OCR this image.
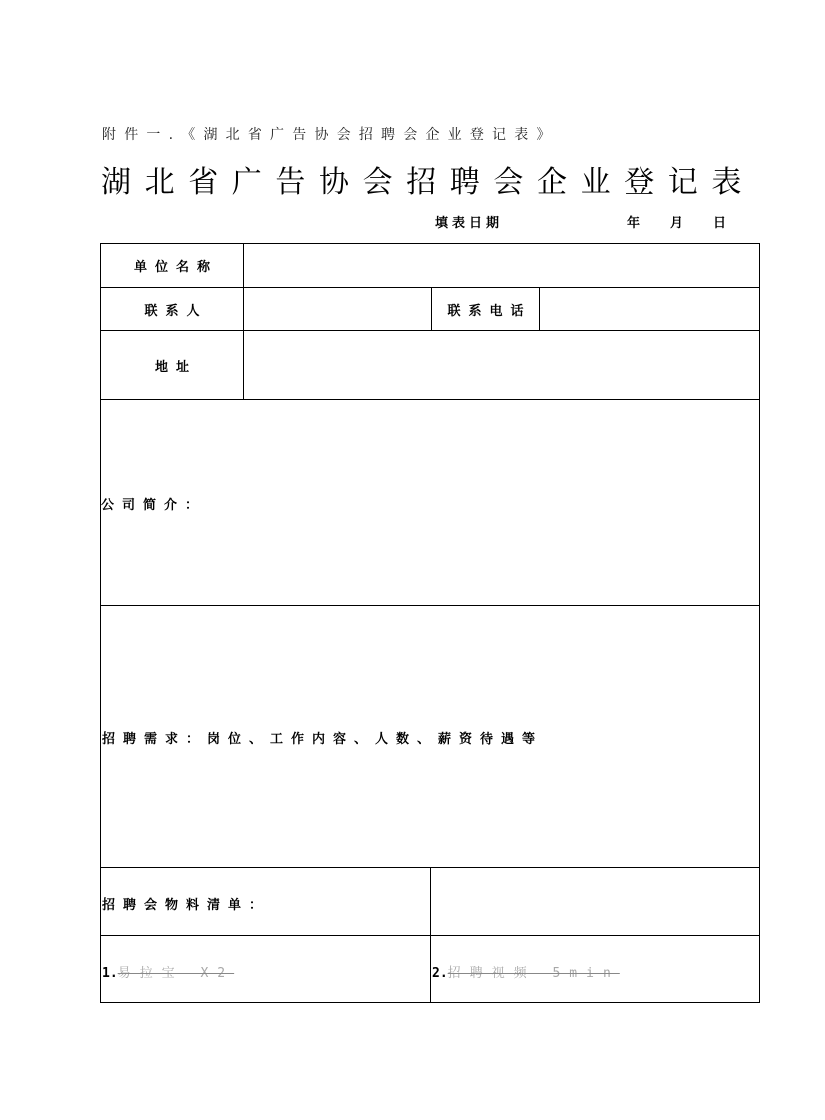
附件一.《湖北省广告协会招聘会企业登记表》
湖北省广告协会招聘会企业登记表
填表日期	年 月 日
单位名称
联系人	联系电话
地址
公司简介：
招聘需求：岗位、工作内容、人数、薪资待遇等
招聘会物料清单：
1.易拉宝 X2	2.招聘视频 5min
